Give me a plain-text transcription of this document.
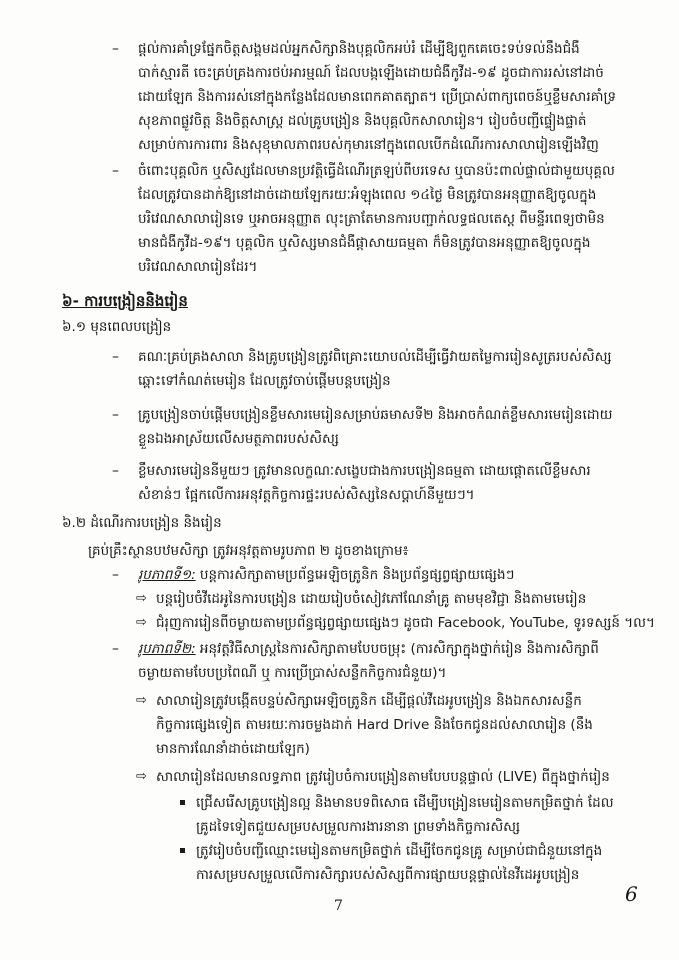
– ផ្តល់ការគាំទ្រផ្នែកចិត្តសង្គមដល់អ្នកសិក្សានិងបុគ្គលិកអប់រំ ដើម្បីឱ្យពួកគេចេះទប់ទល់នឹងជំងឺ
បាក់ស្មារតី ចេះគ្រប់គ្រងការថប់អារម្មណ៍ ដែលបង្កឡើងដោយជំងឺកូវីដ-១៩ ដូចជាការរស់នៅដាច់
ដោយឡែក និងការរស់នៅក្នុងកន្លែងដែលមានពេកគាតត្បាត។ ប្រើប្រាស់ពាក្យពេចន៍ឬខ្លឹមសារគាំទ្រ
សុខភាពផ្លូវចិត្ត និងចិត្តសាស្ត្រ ដល់គ្រូបង្រៀន និងបុគ្គលិកសាលារៀន។ រៀបចំបញ្ជីផ្ទៀងផ្ទាត់
សម្រាប់ការការពារ និងសុខុមាលភាពរបស់កុមារនៅក្នុងពេលបើកដំណើរការសាលារៀនឡើងវិញ
– ចំពោះបុគ្គលិក ឬសិស្សដែលមានប្រវត្តិធ្វើដំណើរត្រឡប់ពីបរទេស ឬបានប៉ះពាល់ផ្ទាល់ជាមួយបុគ្គល
ដែលត្រូវបានដាក់ឱ្យនៅដាច់ដោយឡែករយៈអំឡុងពេល ១៤ថ្ងៃ មិនត្រូវបានអនុញ្ញាតឱ្យចូលក្នុង
បរិវេណសាលារៀនទេ ឬអាចអនុញ្ញាត លុះត្រាតែមានការបញ្ជាក់លទ្ធផលតេស្ត ពីមន្ទីរពេទ្យថាមិន
មានជំងឺកូវីដ-១៩។ បុគ្គលិក ឬសិស្សមានជំងឺផ្តាសាយធម្មតា ក៏មិនត្រូវបានអនុញ្ញាតឱ្យចូលក្នុង
បរិវេណសាលារៀនដែរ។
៦- ការបង្រៀននិងរៀន
៦.១ មុនពេលបង្រៀន
– គណៈគ្រប់គ្រងសាលា និងគ្រូបង្រៀនត្រូវពិគ្រោះយោបល់ដើម្បីធ្វើវាយតម្លៃការរៀនសូត្ររបស់សិស្ស
ឆ្ពោះទៅកំណត់មេរៀន ដែលត្រូវចាប់ផ្តើមបន្តបង្រៀន
– គ្រូបង្រៀនចាប់ផ្តើមបង្រៀនខ្លឹមសារមេរៀនសម្រាប់ឆមាសទី២ និងអាចកំណត់ខ្លឹមសារមេរៀនដោយ
ខ្លួនឯងអាស្រ័យលើសមត្ថភាពរបស់សិស្ស
– ខ្លឹមសារមេរៀននីមួយៗ ត្រូវមានលក្ខណៈសង្ខេបជាងការបង្រៀនធម្មតា ដោយផ្តោតលើខ្លឹមសារ
សំខាន់ៗ ផ្អែកលើការអនុវត្តកិច្ចការផ្ទះរបស់សិស្សនៃសប្តាហ៍នីមួយៗ។
៦.២ ដំណើរការបង្រៀន និងរៀន
គ្រប់គ្រឹះស្ថានបឋមសិក្សា ត្រូវអនុវត្តតាមរូបភាព ២ ដូចខាងក្រោម៖
– រូបភាពទី១: បន្តការសិក្សាតាមប្រព័ន្ធអេឡិចត្រូនិក និងប្រព័ន្ធផ្សព្វផ្សាយផ្សេងៗ
⇨ បន្តរៀបចំវីដេអូនៃការបង្រៀន ដោយរៀបចំសៀវភៅណែនាំគ្រូ តាមមុខវិជ្ជា និងតាមមេរៀន
⇨ ជំរុញការរៀនពីចម្ងាយតាមប្រព័ន្ធផ្សព្វផ្សាយផ្សេងៗ ដូចជា Facebook, YouTube, ទូរទស្សន៍ ។ល។
– រូបភាពទី២: អនុវត្តវិធីសាស្ត្រនៃការសិក្សាតាមបែបចម្រុះ (ការសិក្សាក្នុងថ្នាក់រៀន និងការសិក្សាពី
ចម្ងាយតាមបែបប្រពៃណី ឬ ការប្រើប្រាស់សន្លឹកកិច្ចការជំនួយ)។
⇨ សាលារៀនត្រូវបង្កើតបន្ទប់សិក្សាអេឡិចត្រូនិក ដើម្បីផ្តល់វីដេអូបង្រៀន និងឯកសារសន្លឹក
កិច្ចការផ្សេងទៀត តាមរយៈការចម្លងដាក់ Hard Drive និងចែកជូនដល់សាលារៀន (នឹង
មានការណែនាំដាច់ដោយឡែក)
⇨ សាលារៀនដែលមានលទ្ធភាព ត្រូវរៀបចំការបង្រៀនតាមបែបបន្តផ្ទាល់ (LIVE) ពីក្នុងថ្នាក់រៀន
ជ្រើសរើសគ្រូបង្រៀនល្អ និងមានបទពិសោធ ដើម្បីបង្រៀនមេរៀនតាមកម្រិតថ្នាក់ ដែល
គ្រូដទៃទៀតជួយសម្របសម្រួលការងារនានា ព្រមទាំងកិច្ចការសិស្ស
ត្រូវរៀបចំបញ្ជីឈ្មោះមេរៀនតាមកម្រិតថ្នាក់ ដើម្បីចែកជូនគ្រូ សម្រាប់ជាជំនួយនៅក្នុង
ការសម្របសម្រួលលើការសិក្សារបស់សិស្សពីការផ្សាយបន្តផ្ទាល់នៃវីដេអូបង្រៀន
7	6
